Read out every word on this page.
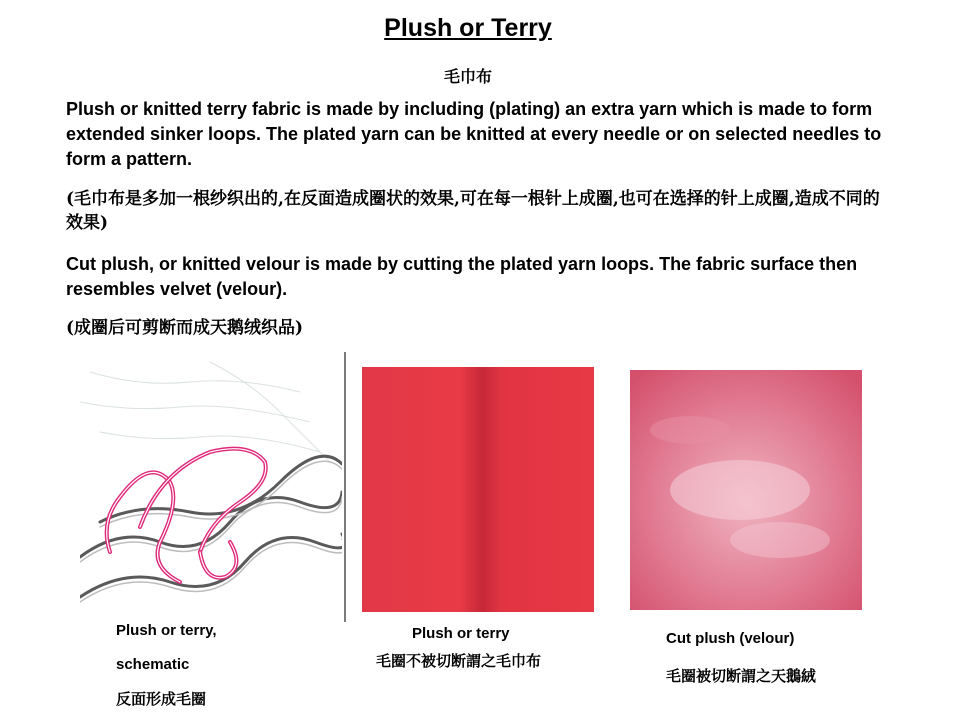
Plush or Terry
毛巾布
Plush or knitted terry fabric is made by including (plating) an extra yarn which is made to form extended sinker loops. The plated yarn can be knitted at every needle or on selected needles to form a pattern.
(毛巾布是多加一根纱织出的,在反面造成圈状的效果,可在每一根针上成圈,也可在选择的针上成圈,造成不同的效果)
Cut plush, or knitted velour is made by cutting the plated yarn loops. The fabric surface then resembles velvet (velour).
(成圈后可剪断而成天鹅绒织品)
Plush or terry,
schematic
反面形成毛圈
Plush or terry
毛圈不被切断謂之毛巾布
Cut plush (velour)
毛圈被切断謂之天鵝絨
